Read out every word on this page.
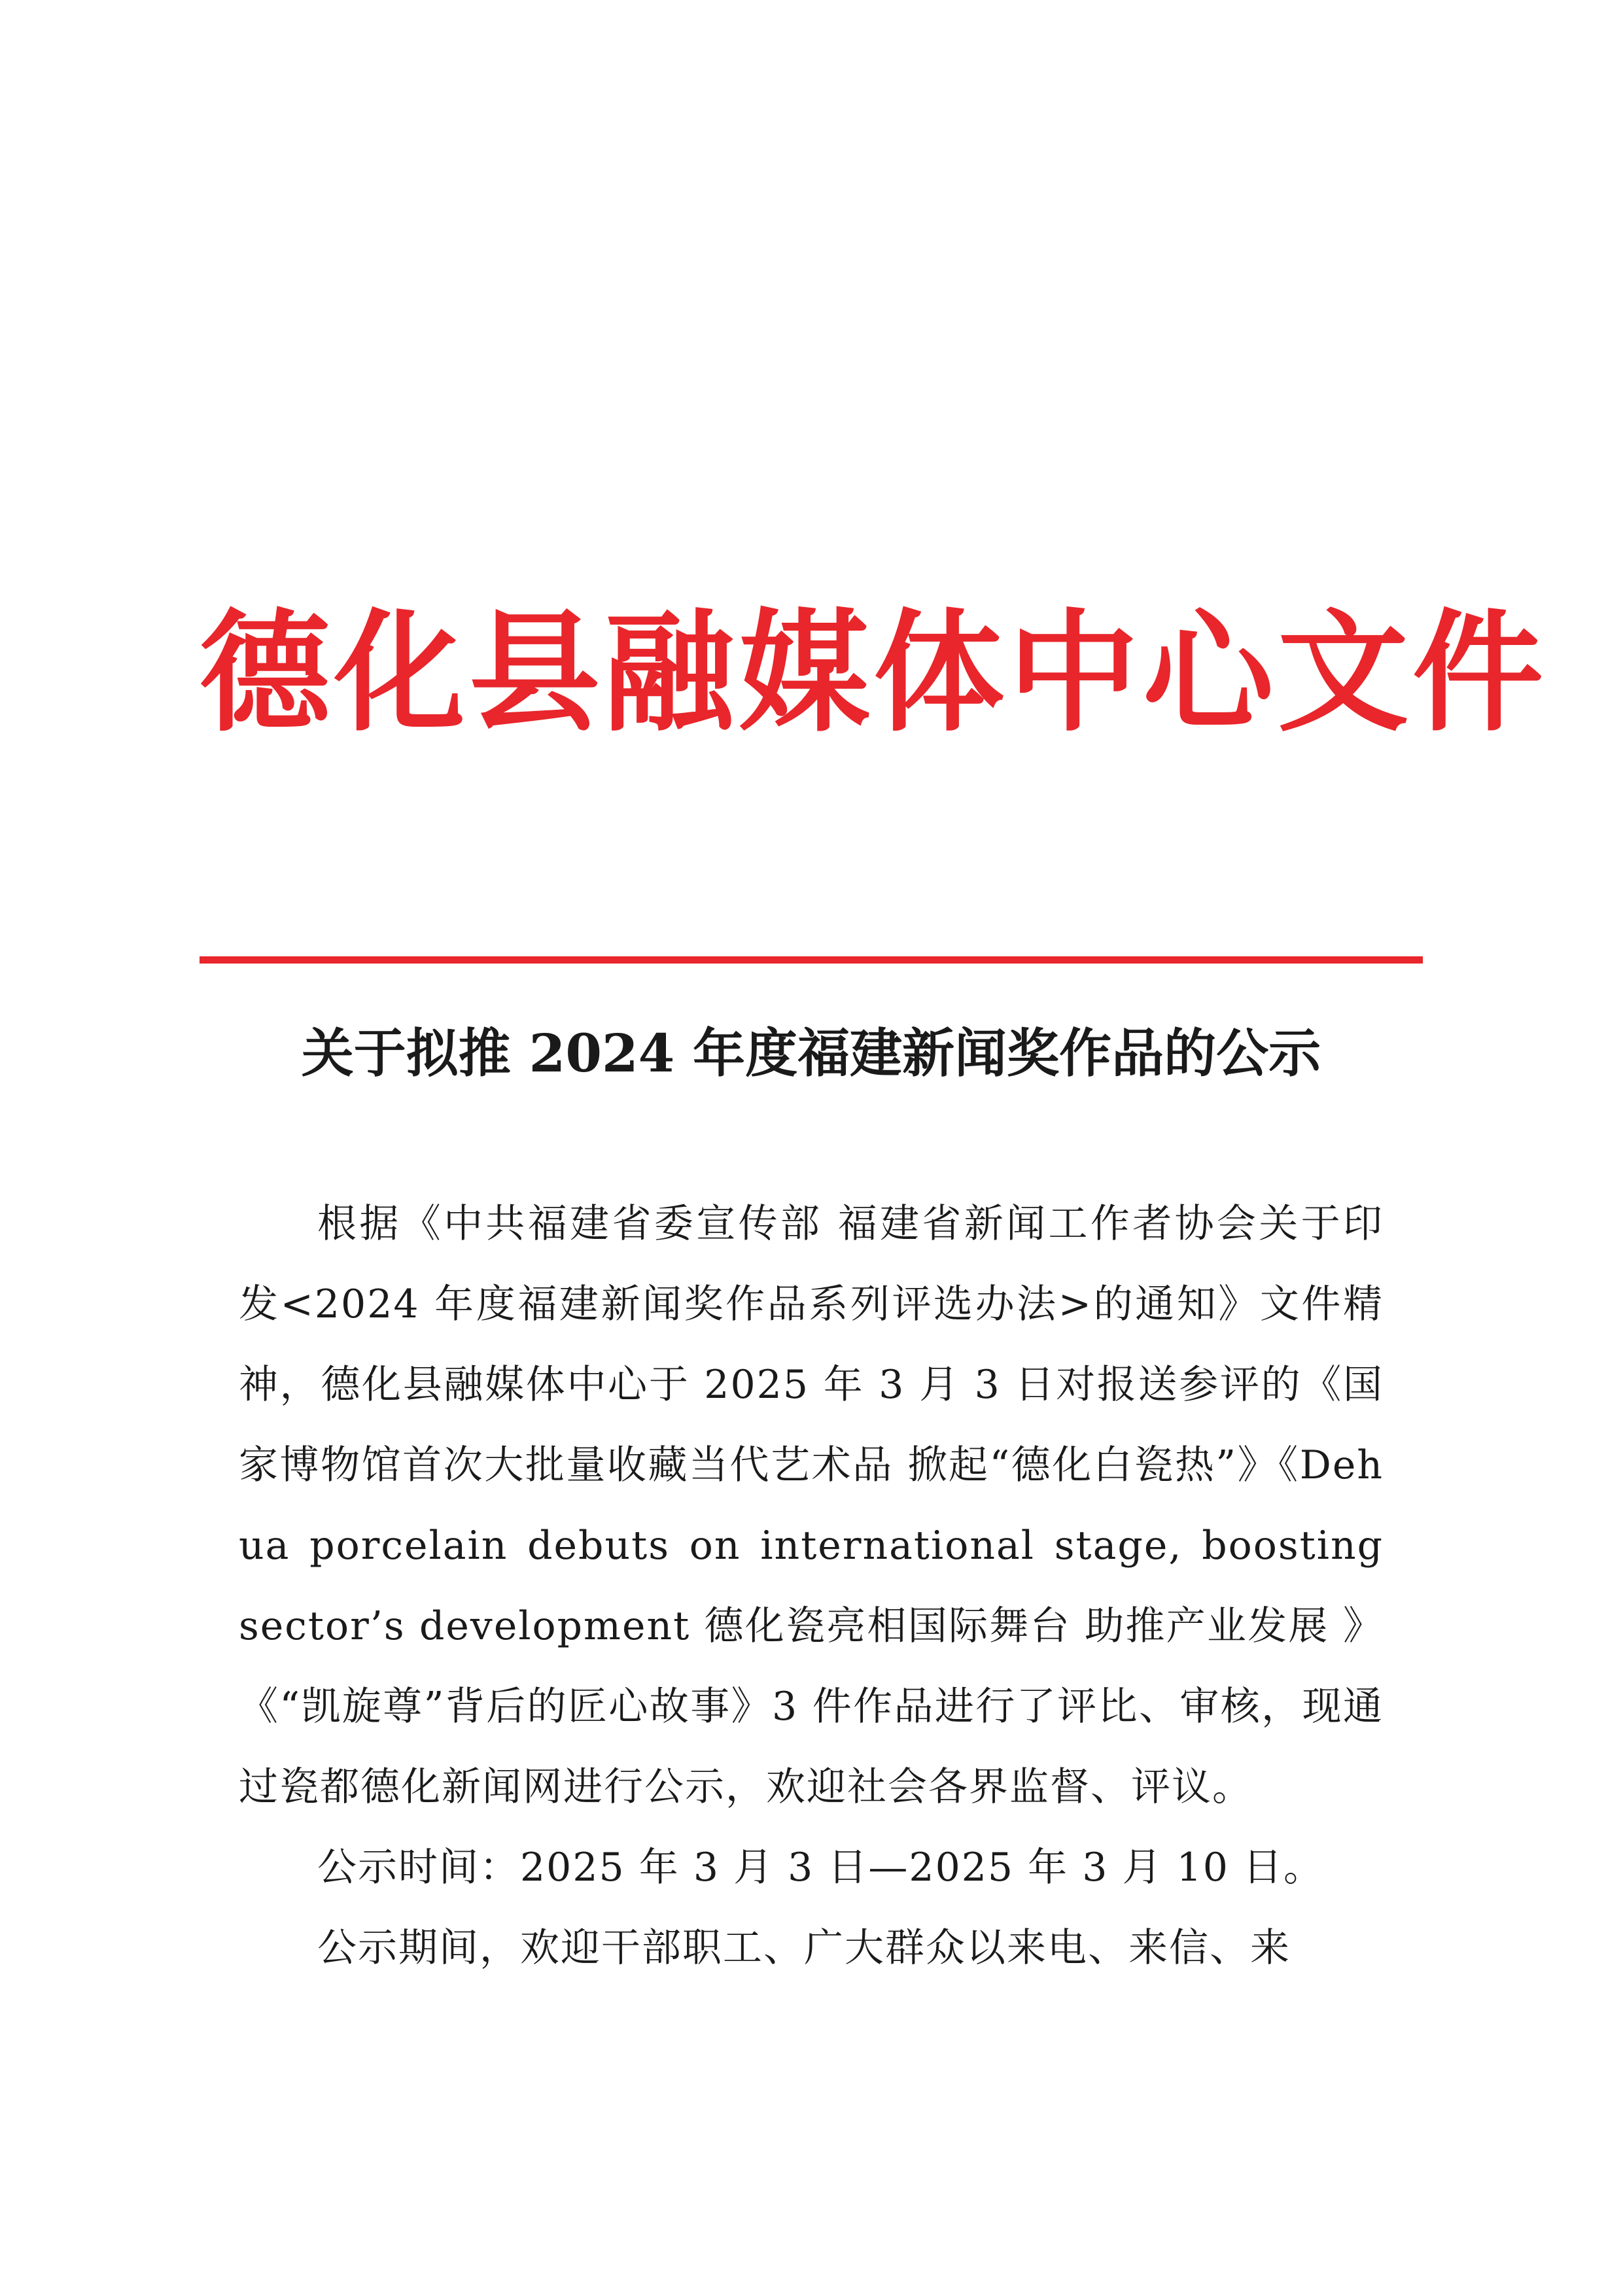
德化县融媒体中心文件
关于拟推 2024 年度福建新闻奖作品的公示

根据《中共福建省委宣传部 福建省新闻工作者协会关于印发<2024 年度福建新闻奖作品系列评选办法>的通知》文件精神，德化县融媒体中心于 2025 年 3 月 3 日对报送参评的《国家博物馆首次大批量收藏当代艺术品 掀起“德化白瓷热”》《Dehua porcelain debuts on international stage, boosting sector’s development 德化瓷亮相国际舞台 助推产业发展 》《“凯旋尊”背后的匠心故事》3 件作品进行了评比、审核，现通过瓷都德化新闻网进行公示，欢迎社会各界监督、评议。

公示时间：2025 年 3 月 3 日—2025 年 3 月 10 日。

公示期间，欢迎干部职工、广大群众以来电、来信、来
